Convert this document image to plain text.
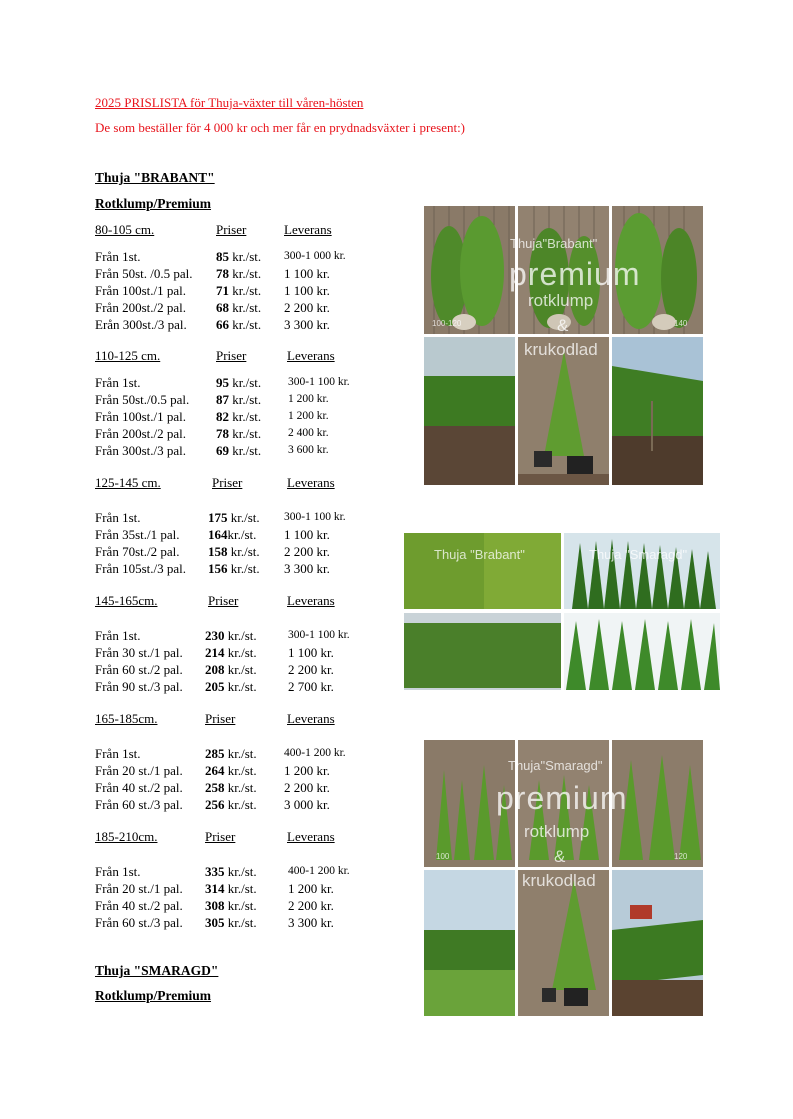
2025 PRISLISTA för Thuja-växter till våren-hösten
De som beställer för 4 000 kr och mer får en prydnadsväxter i present:)
Thuja "BRABANT"
Rotklump/Premium
80-105 cm.	Priser	Leverans
Från 1st.	85 kr./st. 300-1 000 kr.
Från 50st. /0.5 pal. 78 kr./st. 1 100 kr.
Från 100st./1 pal. 71 kr./st. 1 100 kr.
Från 200st./2 pal. 68 kr./st. 2 200 kr.
Erån 300st./3 pal. 66 kr./st. 3 300 kr.
110-125 cm.	Priser	Leverans
Från 1st.	95 kr./st. 300-1 100 kr.
Från 50st./0.5 pal. 87 kr./st. 1 200 kr.
Från 100st./1 pal. 82 kr./st. 1 200 kr.
Från 200st./2 pal. 78 kr./st. 2 400 kr.
Från 300st./3 pal. 69 kr./st. 3 600 kr.
125-145 cm.	Priser	Leverans
Från 1st.	175 kr./st. 300-1 100 kr.
Från 35st./1 pal. 164kr./st. 1 100 kr.
Från 70st./2 pal. 158 kr./st. 2 200 kr.
Från 105st./3 pal. 156 kr./st. 3 300 kr.
145-165cm.	Priser	Leverans
Från 1st.	230 kr./st.	300-1 100 kr.
Från 30 st./1 pal. 214 kr./st. 1 100 kr.
Från 60 st./2 pal. 208 kr./st. 2 200 kr.
Från 90 st./3 pal. 205 kr./st. 2 700 kr.
165-185cm.	Priser	Leverans
Från 1st.	285 kr./st. 400-1 200 kr.
Från 20 st./1 pal. 264 kr./st. 1 200 kr.
Från 40 st./2 pal. 258 kr./st. 2 200 kr.
Från 60 st./3 pal. 256 kr./st. 3 000 kr.
185-210cm.	Priser	Leverans
Från 1st.	335 kr./st.	400-1 200 kr.
Från 20 st./1 pal. 314 kr./st. 1 200 kr.
Från 40 st./2 pal. 308 kr./st. 2 200 kr.
Från 60 st./3 pal. 305 kr./st. 3 300 kr.
Thuja "SMARAGD"
Rotklump/Premium
Thuja"Brabant"
premium
rotklump
&
krukodlad
100-120	140
Thuja "Brabant"	Thuja "Smaragd"
Thuja"Smaragd"
premium
rotklump
&
krukodlad
100	120
